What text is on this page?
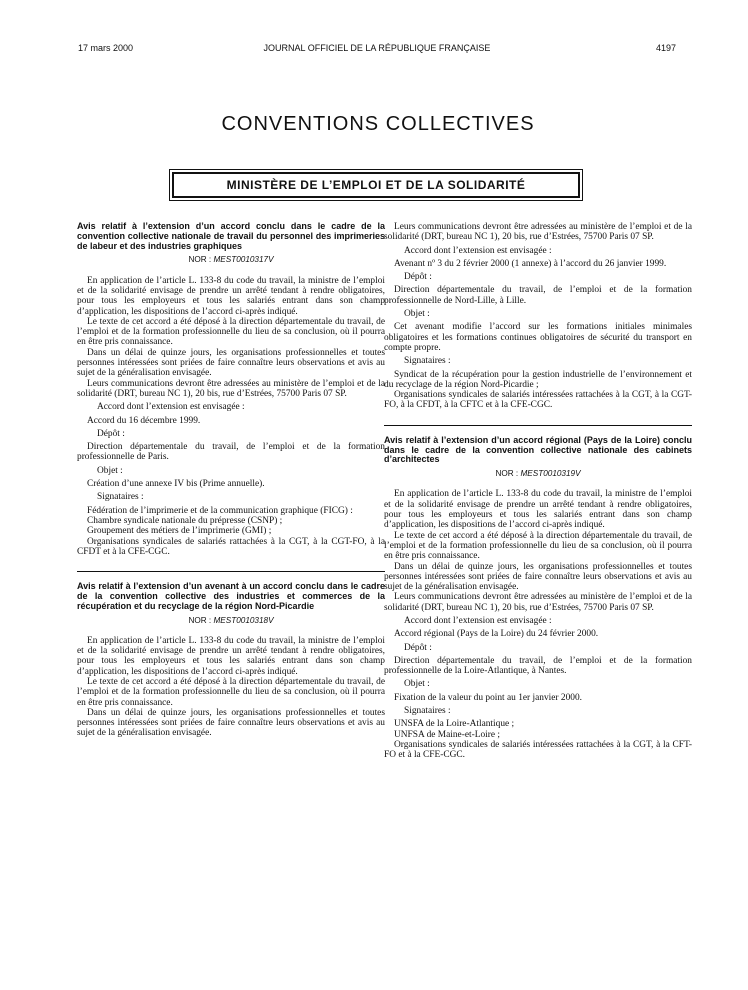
17 mars 2000	JOURNAL OFFICIEL DE LA RÉPUBLIQUE FRANÇAISE	4197
CONVENTIONS COLLECTIVES
MINISTÈRE DE L’EMPLOI ET DE LA SOLIDARITÉ

Avis relatif à l’extension d’un accord conclu dans le cadre de la convention collective nationale de travail du personnel des imprimeries de labeur et des industries graphiques

NOR : MEST0010317V

En application de l’article L. 133-8 du code du travail, la ministre de l’emploi et de la solidarité envisage de prendre un arrêté tendant à rendre obligatoires, pour tous les employeurs et tous les salariés entrant dans son champ d’application, les dispositions de l’accord ci-après indiqué.

Le texte de cet accord a été déposé à la direction départementale du travail, de l’emploi et de la formation professionnelle du lieu de sa conclusion, où il pourra en être pris connaissance.

Dans un délai de quinze jours, les organisations professionnelles et toutes personnes intéressées sont priées de faire connaître leurs observations et avis au sujet de la généralisation envisagée.

Leurs communications devront être adressées au ministère de l’emploi et de la solidarité (DRT, bureau NC 1), 20 bis, rue d’Estrées, 75700 Paris 07 SP.

Accord dont l’extension est envisagée :

Accord du 16 décembre 1999.

Dépôt :

Direction départementale du travail, de l’emploi et de la formation professionnelle de Paris.

Objet :

Création d’une annexe IV bis (Prime annuelle).

Signataires :

Fédération de l’imprimerie et de la communication graphique (FICG) :

Chambre syndicale nationale du prépresse (CSNP) ;

Groupement des métiers de l’imprimerie (GMI) ;

Organisations syndicales de salariés rattachées à la CGT, à la CGT-FO, à la CFDT et à la CFE-CGC.

Avis relatif à l’extension d’un avenant à un accord conclu dans le cadre de la convention collective des industries et commerces de la récupération et du recyclage de la région Nord-Picardie

NOR : MEST0010318V

En application de l’article L. 133-8 du code du travail, la ministre de l’emploi et de la solidarité envisage de prendre un arrêté tendant à rendre obligatoires, pour tous les employeurs et tous les salariés entrant dans son champ d’application, les dispositions de l’accord ci-après indiqué.

Le texte de cet accord a été déposé à la direction départementale du travail, de l’emploi et de la formation professionnelle du lieu de sa conclusion, où il pourra en être pris connaissance.

Dans un délai de quinze jours, les organisations professionnelles et toutes personnes intéressées sont priées de faire connaître leurs observations et avis au sujet de la généralisation envisagée.

Leurs communications devront être adressées au ministère de l’emploi et de la solidarité (DRT, bureau NC 1), 20 bis, rue d’Estrées, 75700 Paris 07 SP.

Accord dont l’extension est envisagée :

Avenant nº 3 du 2 février 2000 (1 annexe) à l’accord du 26 janvier 1999.

Dépôt :

Direction départementale du travail, de l’emploi et de la formation professionnelle de Nord-Lille, à Lille.

Objet :

Cet avenant modifie l’accord sur les formations initiales minimales obligatoires et les formations continues obligatoires de sécurité du transport en compte propre.

Signataires :

Syndicat de la récupération pour la gestion industrielle de l’environnement et du recyclage de la région Nord-Picardie ;

Organisations syndicales de salariés intéressées rattachées à la CGT, à la CGT-FO, à la CFDT, à la CFTC et à la CFE-CGC.

Avis relatif à l’extension d’un accord régional (Pays de la Loire) conclu dans le cadre de la convention collective nationale des cabinets d’architectes

NOR : MEST0010319V

En application de l’article L. 133-8 du code du travail, la ministre de l’emploi et de la solidarité envisage de prendre un arrêté tendant à rendre obligatoires, pour tous les employeurs et tous les salariés entrant dans son champ d’application, les dispositions de l’accord ci-après indiqué.

Le texte de cet accord a été déposé à la direction départementale du travail, de l’emploi et de la formation professionnelle du lieu de sa conclusion, où il pourra en être pris connaissance.

Dans un délai de quinze jours, les organisations professionnelles et toutes personnes intéressées sont priées de faire connaître leurs observations et avis au sujet de la généralisation envisagée.

Leurs communications devront être adressées au ministère de l’emploi et de la solidarité (DRT, bureau NC 1), 20 bis, rue d’Estrées, 75700 Paris 07 SP.

Accord dont l’extension est envisagée :

Accord régional (Pays de la Loire) du 24 février 2000.

Dépôt :

Direction départementale du travail, de l’emploi et de la formation professionnelle de la Loire-Atlantique, à Nantes.

Objet :

Fixation de la valeur du point au 1er janvier 2000.

Signataires :

UNSFA de la Loire-Atlantique ;

UNFSA de Maine-et-Loire ;

Organisations syndicales de salariés intéressées rattachées à la CGT, à la CFT-FO et à la CFE-CGC.
